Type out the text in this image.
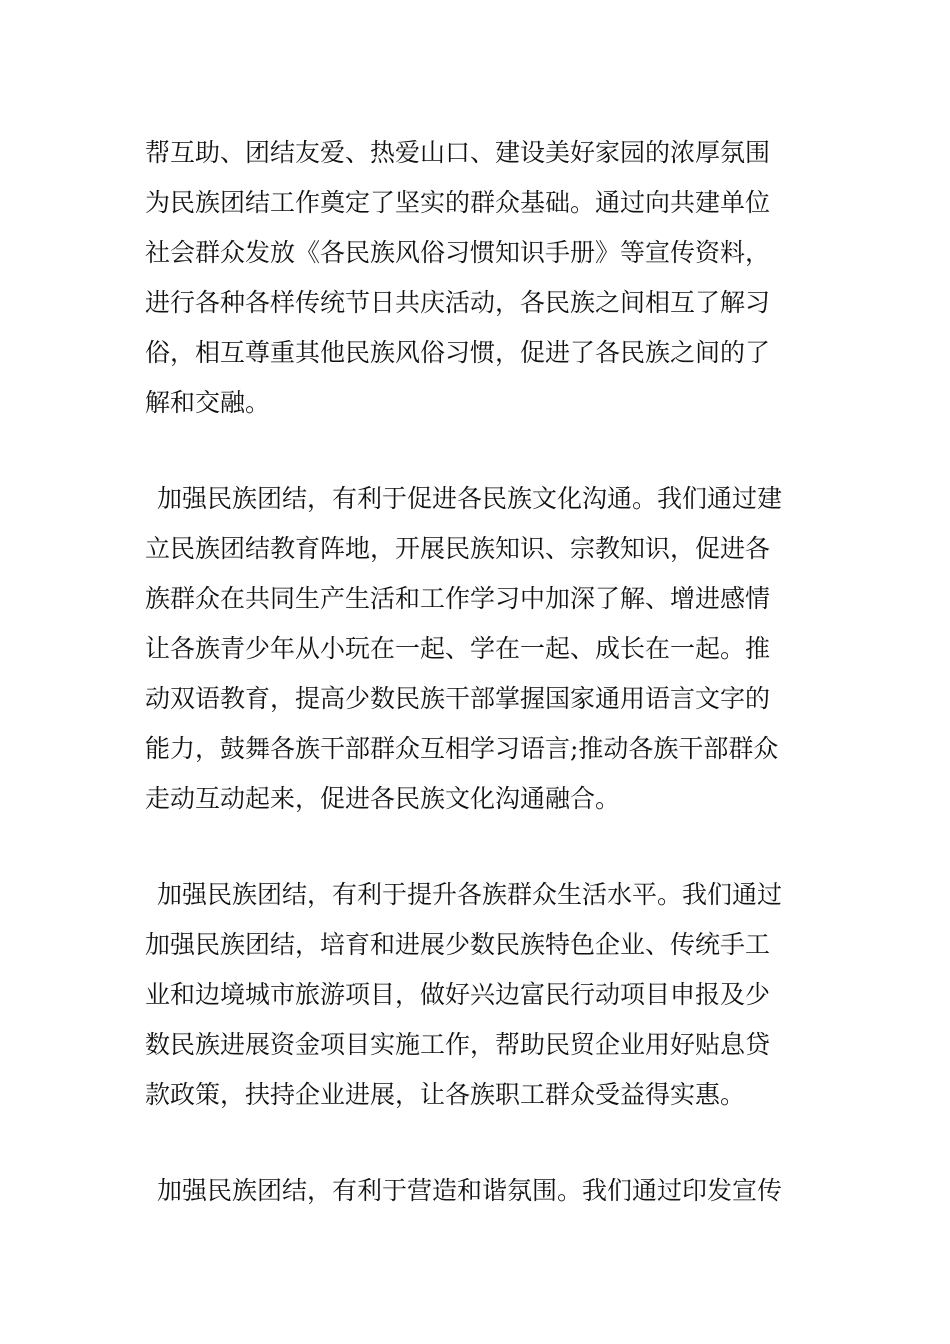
帮互助、团结友爱、热爱山口、建设美好家园的浓厚氛围
为民族团结工作奠定了坚实的群众基础。通过向共建单位
社会群众发放《各民族风俗习惯知识手册》等宣传资料，
进行各种各样传统节日共庆活动，各民族之间相互了解习
俗，相互尊重其他民族风俗习惯，促进了各民族之间的了
解和交融。
加强民族团结，有利于促进各民族文化沟通。我们通过建
立民族团结教育阵地，开展民族知识、宗教知识，促进各
族群众在共同生产生活和工作学习中加深了解、增进感情
让各族青少年从小玩在一起、学在一起、成长在一起。推
动双语教育，提高少数民族干部掌握国家通用语言文字的
能力，鼓舞各族干部群众互相学习语言;推动各族干部群众
走动互动起来，促进各民族文化沟通融合。
加强民族团结，有利于提升各族群众生活水平。我们通过
加强民族团结，培育和进展少数民族特色企业、传统手工
业和边境城市旅游项目，做好兴边富民行动项目申报及少
数民族进展资金项目实施工作，帮助民贸企业用好贴息贷
款政策，扶持企业进展，让各族职工群众受益得实惠。
加强民族团结，有利于营造和谐氛围。我们通过印发宣传
